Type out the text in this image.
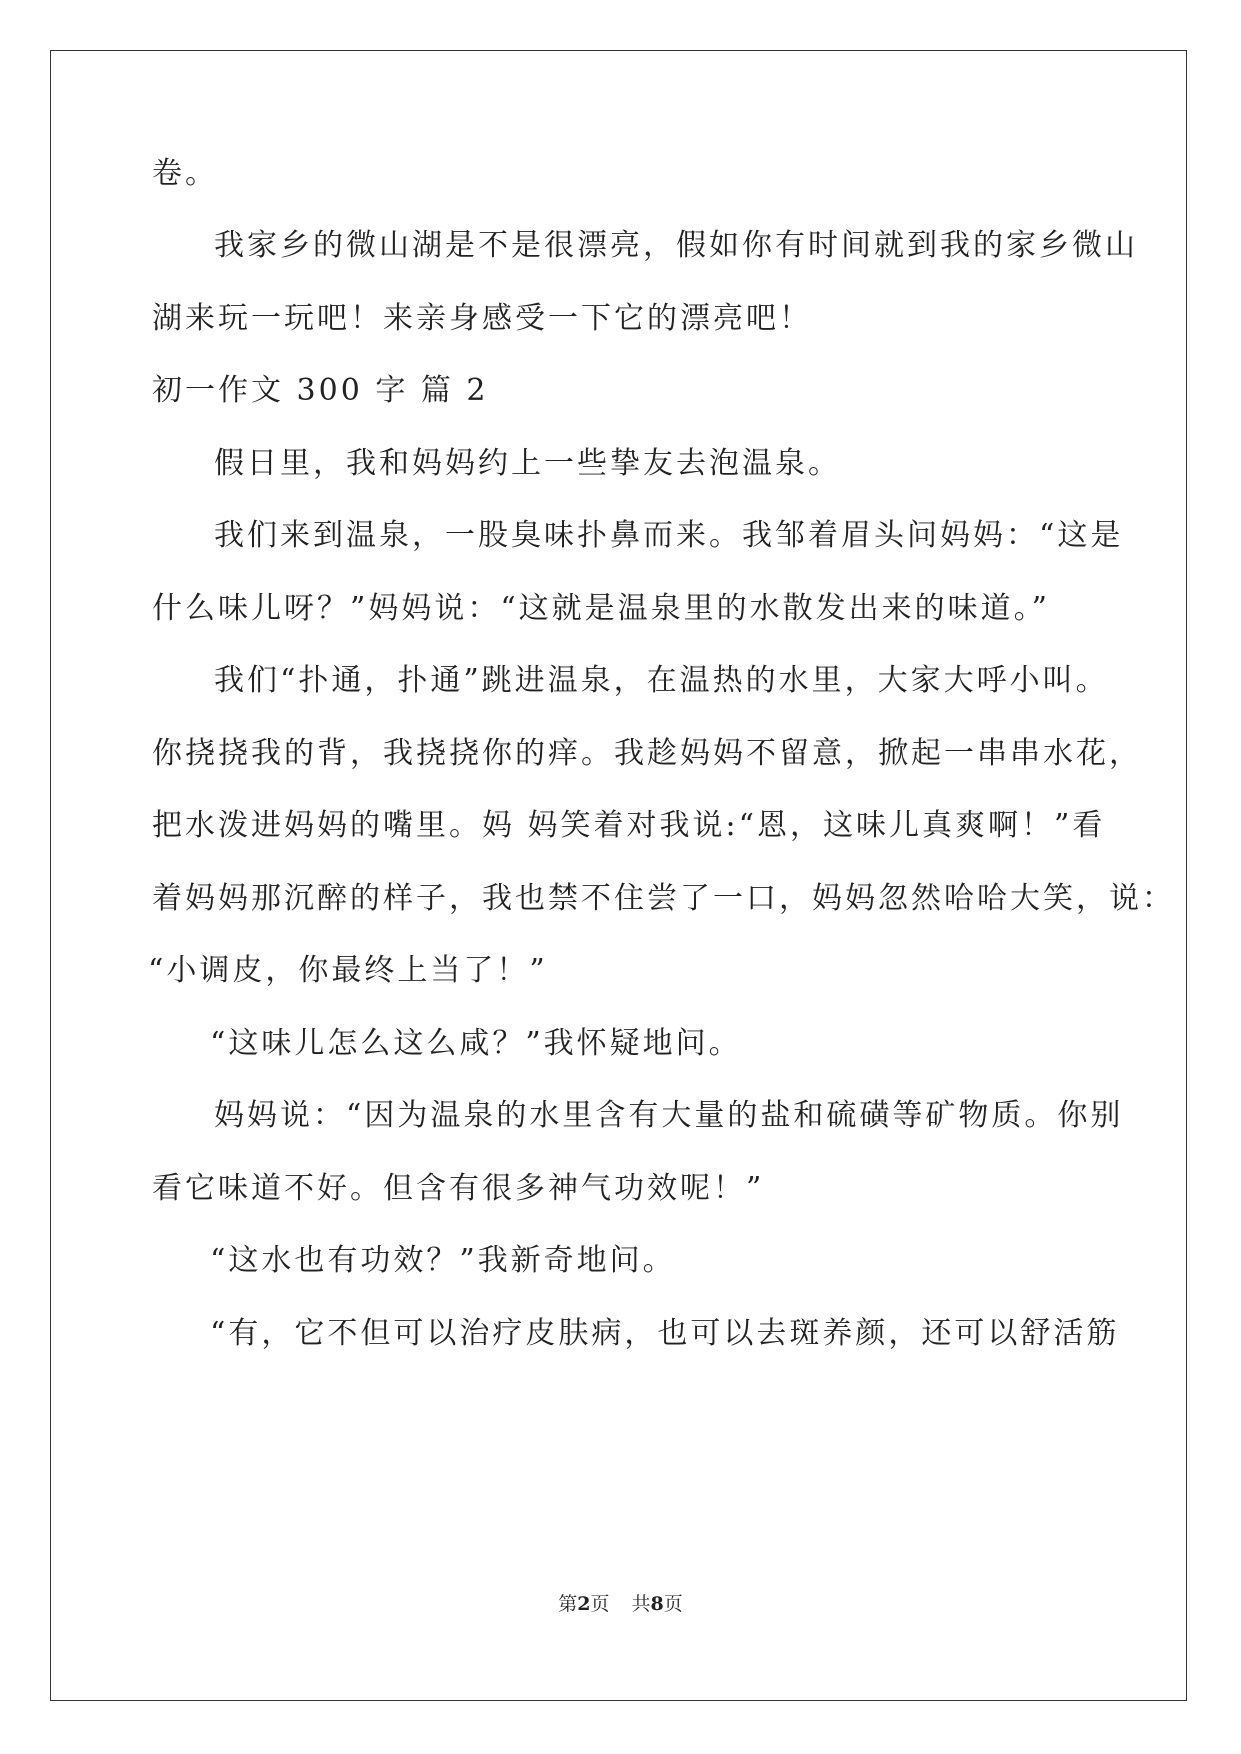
卷。
我家乡的微山湖是不是很漂亮，假如你有时间就到我的家乡微山
湖来玩一玩吧！来亲身感受一下它的漂亮吧！
初一作文 300 字 篇 2
假日里，我和妈妈约上一些挚友去泡温泉。
我们来到温泉，一股臭味扑鼻而来。我邹着眉头问妈妈：“这是
什么味儿呀？”妈妈说：“这就是温泉里的水散发出来的味道。”
我们“扑通，扑通”跳进温泉，在温热的水里，大家大呼小叫。
你挠挠我的背，我挠挠你的痒。我趁妈妈不留意，掀起一串串水花，
把水泼进妈妈的嘴里。妈 妈笑着对我说:“恩，这味儿真爽啊！”看
着妈妈那沉醉的样子，我也禁不住尝了一口，妈妈忽然哈哈大笑，说：
“小调皮，你最终上当了！”
“这味儿怎么这么咸？”我怀疑地问。
妈妈说：“因为温泉的水里含有大量的盐和硫磺等矿物质。你别
看它味道不好。但含有很多神气功效呢！”
“这水也有功效？”我新奇地问。
“有，它不但可以治疗皮肤病，也可以去斑养颜，还可以舒活筋
第2页 共8页
